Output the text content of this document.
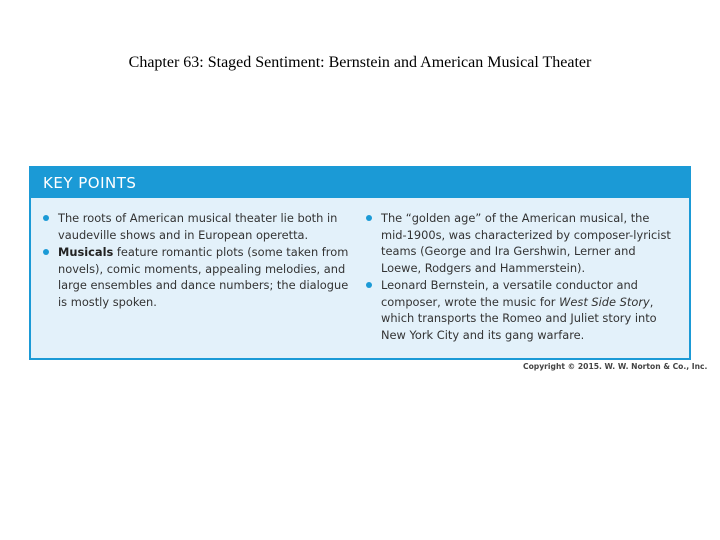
Chapter 63: Staged Sentiment: Bernstein and American Musical Theater
KEY POINTS
The roots of American musical theater lie both in vaudeville shows and in European operetta.
Musicals feature romantic plots (some taken from novels), comic moments, appealing melodies, and large ensembles and dance numbers; the dialogue is mostly spoken.
The “golden age” of the American musical, the mid-1900s, was characterized by composer-lyricist teams (George and Ira Gershwin, Lerner and Loewe, Rodgers and Hammerstein).
Leonard Bernstein, a versatile conductor and composer, wrote the music for West Side Story, which transports the Romeo and Juliet story into New York City and its gang warfare.
Copyright © 2015. W. W. Norton & Co., Inc.
